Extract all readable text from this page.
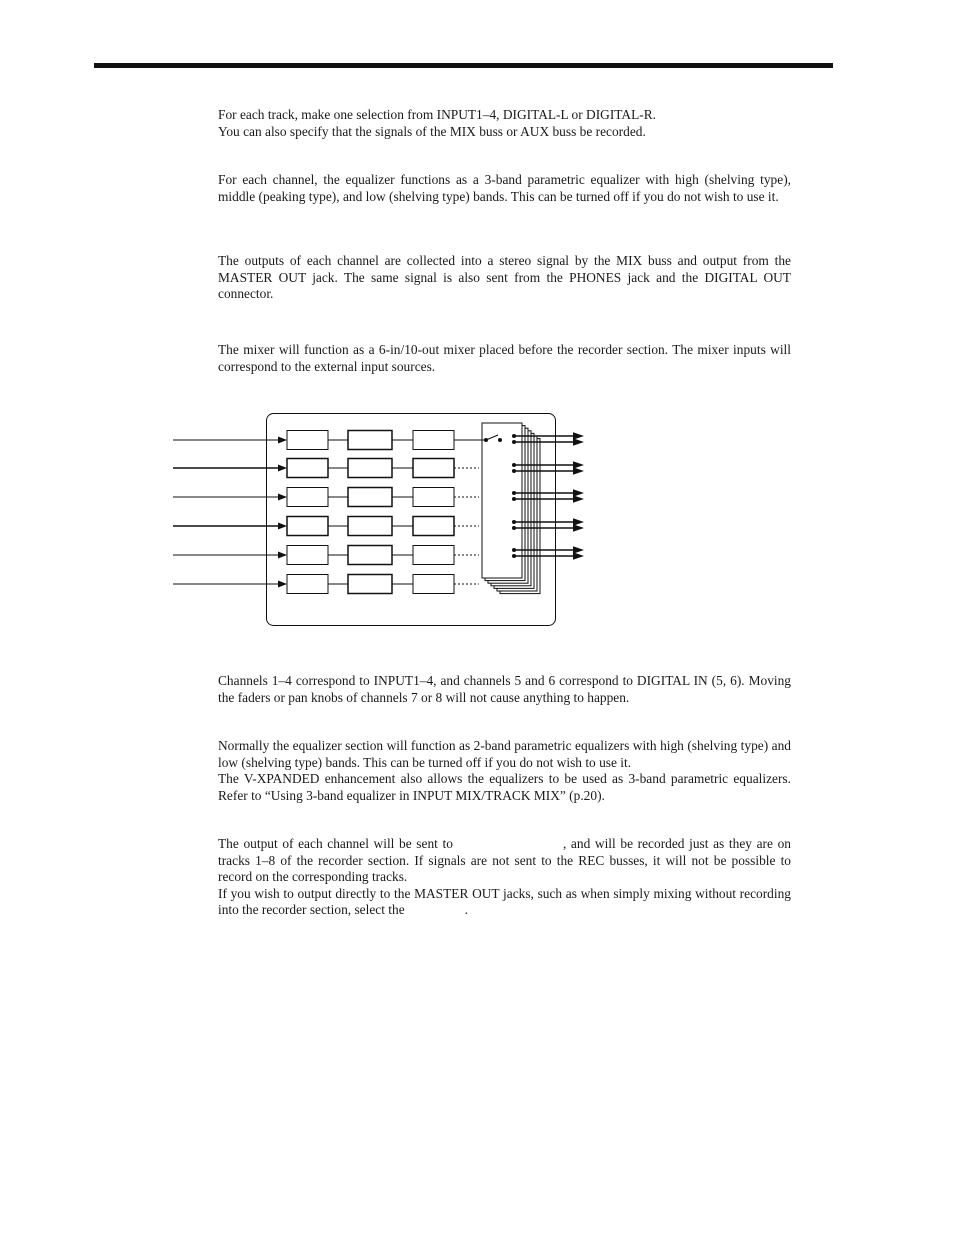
For each track, make one selection from INPUT1–4, DIGITAL-L or DIGITAL-R.
You can also specify that the signals of the MIX buss or AUX buss be recorded.

For each channel, the equalizer functions as a 3-band parametric equalizer with high (shelving type), middle (peaking type), and low (shelving type) bands. This can be turned off if you do not wish to use it.

The outputs of each channel are collected into a stereo signal by the MIX buss and output from the MASTER OUT jack. The same signal is also sent from the PHONES jack and the DIGITAL OUT connector.

The mixer will function as a 6-in/10-out mixer placed before the recorder section. The mixer inputs will correspond to the external input sources.

Channels 1–4 correspond to INPUT1–4, and channels 5 and 6 correspond to DIGITAL IN (5, 6). Moving the faders or pan knobs of channels 7 or 8 will not cause anything to happen.

Normally the equalizer section will function as 2-band parametric equalizers with high (shelving type) and low (shelving type) bands. This can be turned off if you do not wish to use it.
The V-XPANDED enhancement also allows the equalizers to be used as 3-band parametric equalizers. Refer to “Using 3-band equalizer in INPUT MIX/TRACK MIX” (p.20).

The output of each channel will be sent to	, and will be recorded just as they are on tracks 1–8 of the recorder section. If signals are not sent to the REC busses, it will not be possible to record on the corresponding tracks.
If you wish to output directly to the MASTER OUT jacks, such as when simply mixing without recording into the recorder section, select the	.
